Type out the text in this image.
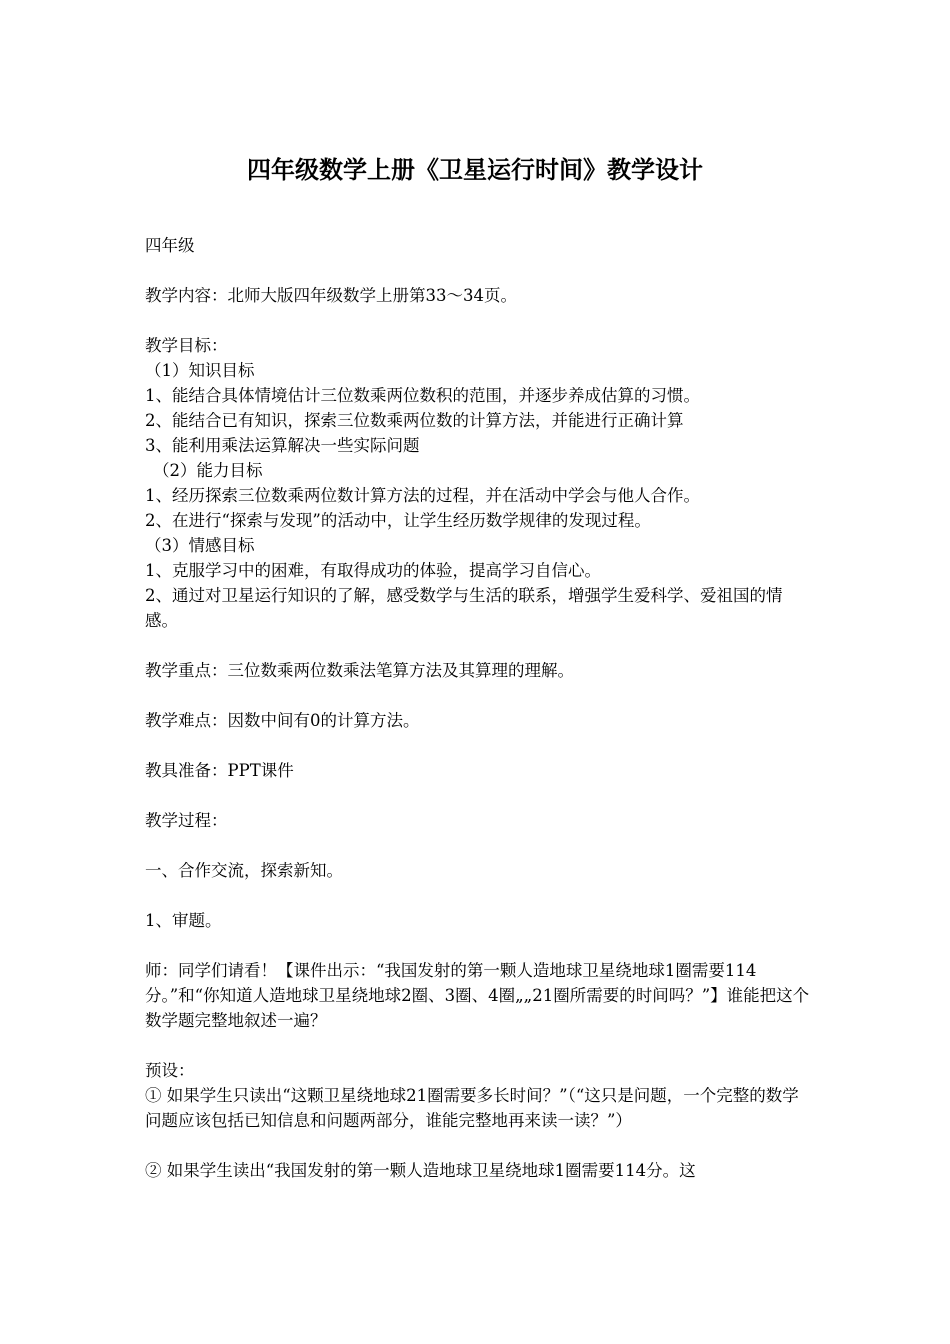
四年级数学上册《卫星运行时间》教学设计

四年级

教学内容：北师大版四年级数学上册第33～34页。

教学目标：

（1）知识目标

1、能结合具体情境估计三位数乘两位数积的范围，并逐步养成估算的习惯。

2、能结合已有知识，探索三位数乘两位数的计算方法，并能进行正确计算

3、能利用乘法运算解决一些实际问题

（2）能力目标

1、经历探索三位数乘两位数计算方法的过程，并在活动中学会与他人合作。

2、在进行“探索与发现”的活动中，让学生经历数学规律的发现过程。

（3）情感目标

1、克服学习中的困难，有取得成功的体验，提高学习自信心。

2、通过对卫星运行知识的了解，感受数学与生活的联系，增强学生爱科学、爱祖国的情感。

教学重点：三位数乘两位数乘法笔算方法及其算理的理解。

教学难点：因数中间有0的计算方法。

教具准备：PPT课件

教学过程：

一、合作交流，探索新知。

1、审题。

师：同学们请看！【课件出示：“我国发射的第一颗人造地球卫星绕地球1圈需要114分。”和“你知道人造地球卫星绕地球2圈、3圈、4圈„„21圈所需要的时间吗？”】谁能把这个数学题完整地叙述一遍？

预设：

① 如果学生只读出“这颗卫星绕地球21圈需要多长时间？”（“这只是问题，一个完整的数学问题应该包括已知信息和问题两部分，谁能完整地再来读一读？”）

② 如果学生读出“我国发射的第一颗人造地球卫星绕地球1圈需要114分。这
